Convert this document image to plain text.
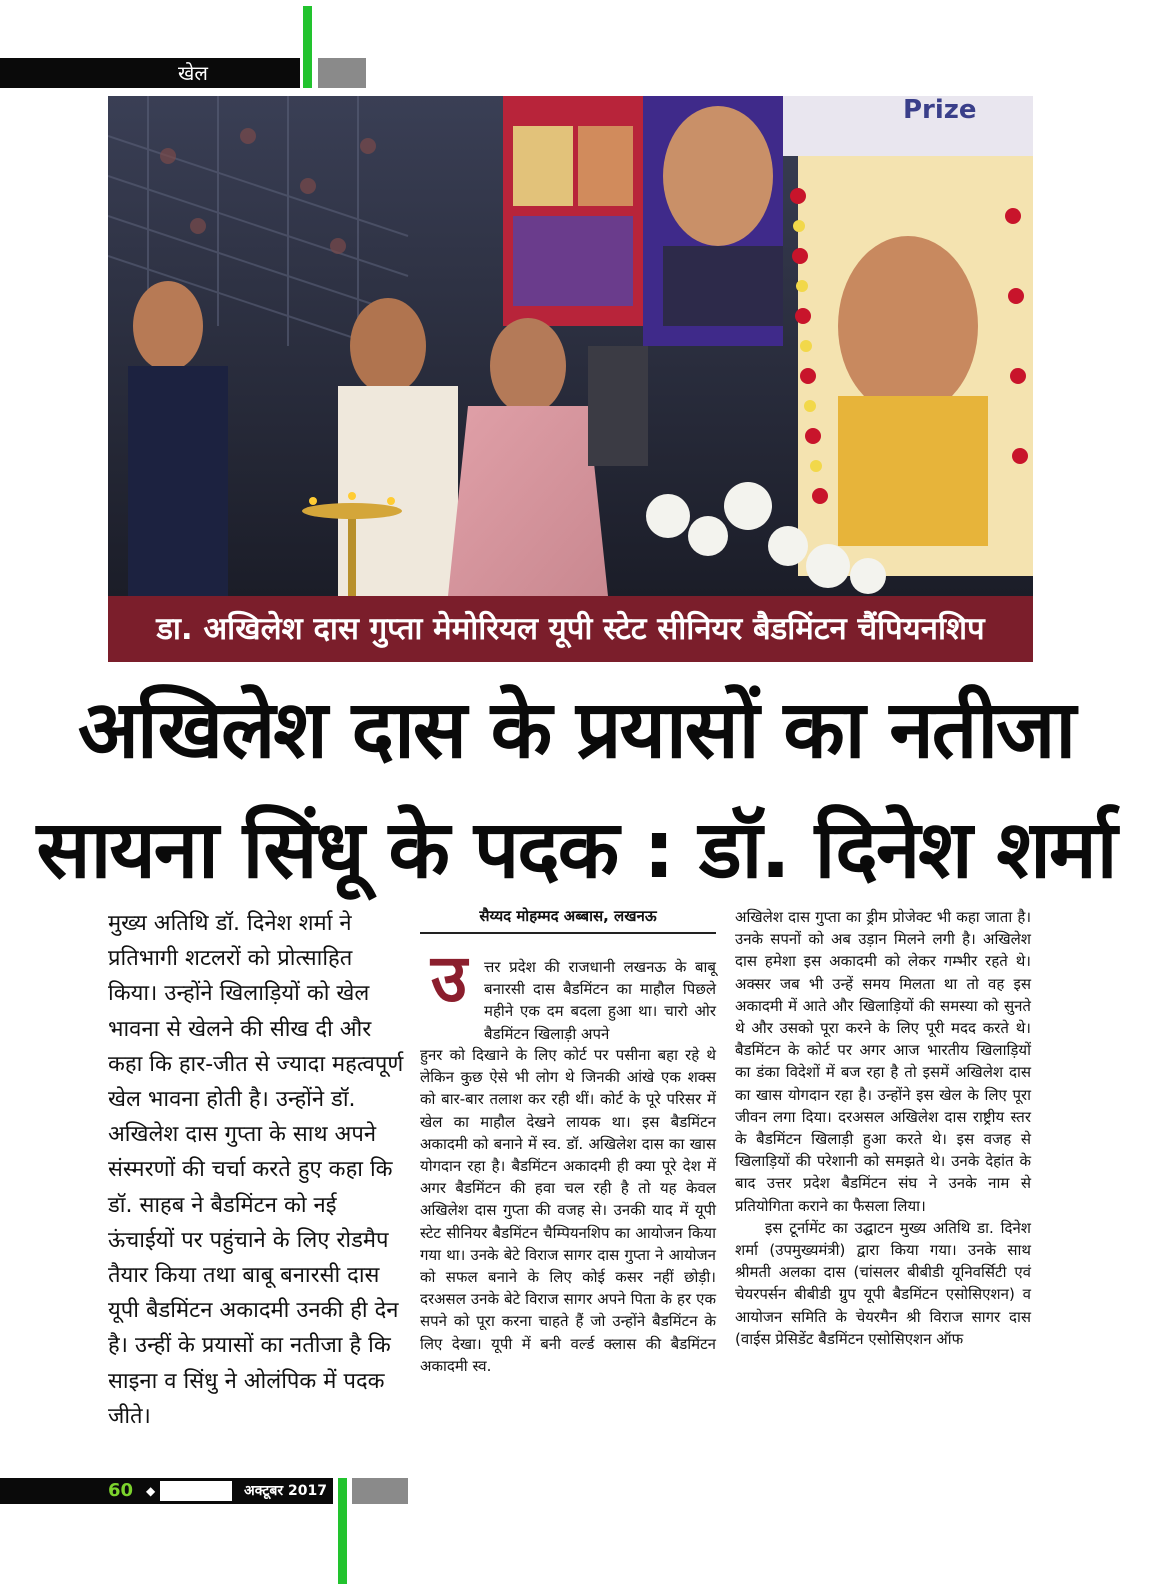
खेल
Prize
डा. अखिलेश दास गुप्ता मेमोरियल यूपी स्टेट सीनियर बैडमिंटन चैंपियनशिप
अखिलेश दास के प्रयासों का नतीजा
सायना सिंधू के पदक : डॉ. दिनेश शर्मा
मुख्य अतिथि डॉ. दिनेश शर्मा ने प्रतिभागी शटलरों को प्रोत्साहित किया। उन्होंने खिलाड़ियों को खेल भावना से खेलने की सीख दी और कहा कि हार-जीत से ज्यादा महत्वपूर्ण खेल भावना होती है। उन्होंने डॉ. अखिलेश दास गुप्ता के साथ अपने संस्मरणों की चर्चा करते हुए कहा कि डॉ. साहब ने बैडमिंटन को नई ऊंचाईयों पर पहुंचाने के लिए रोडमैप तैयार किया तथा बाबू बनारसी दास यूपी बैडमिंटन अकादमी उनकी ही देन है। उन्हीं के प्रयासों का नतीजा है कि साइना व सिंधु ने ओलंपिक में पदक जीते।
सैय्यद मोहम्मद अब्बास, लखनऊ
उ	त्तर प्रदेश की राजधानी लखनऊ के बाबू बनारसी दास बैडमिंटन का माहौल पिछले महीने एक दम बदला हुआ था। चारो ओर बैडमिंटन खिलाड़ी अपने
हुनर को दिखाने के लिए कोर्ट पर पसीना बहा रहे थे लेकिन कुछ ऐसे भी लोग थे जिनकी आंखे एक शक्स को बार-बार तलाश कर रही थीं। कोर्ट के पूरे परिसर में खेल का माहौल देखने लायक था। इस बैडमिंटन अकादमी को बनाने में स्व. डॉ. अखिलेश दास का खास योगदान रहा है। बैडमिंटन अकादमी ही क्या पूरे देश में अगर बैडमिंटन की हवा चल रही है तो यह केवल अखिलेश दास गुप्ता की वजह से। उनकी याद में यूपी स्टेट सीनियर बैडमिंटन चैम्पियनशिप का आयोजन किया गया था। उनके बेटे विराज सागर दास गुप्ता ने आयोजन को सफल बनाने के लिए कोई कसर नहीं छोड़ी। दरअसल उनके बेटे विराज सागर अपने पिता के हर एक सपने को पूरा करना चाहते हैं जो उन्होंने बैडमिंटन के लिए देखा। यूपी में बनी वर्ल्ड क्लास की बैडमिंटन अकादमी स्व.

अखिलेश दास गुप्ता का ड्रीम प्रोजेक्ट भी कहा जाता है। उनके सपनों को अब उड़ान मिलने लगी है। अखिलेश दास हमेशा इस अकादमी को लेकर गम्भीर रहते थे। अक्सर जब भी उन्हें समय मिलता था तो वह इस अकादमी में आते और खिलाड़ियों की समस्या को सुनते थे और उसको पूरा करने के लिए पूरी मदद करते थे। बैडमिंटन के कोर्ट पर अगर आज भारतीय खिलाड़ियों का डंका विदेशों में बज रहा है तो इसमें अखिलेश दास का खास योगदान रहा है। उन्होंने इस खेल के लिए पूरा जीवन लगा दिया। दरअसल अखिलेश दास राष्ट्रीय स्तर के बैडमिंटन खिलाड़ी हुआ करते थे। इस वजह से खिलाड़ियों की परेशानी को समझते थे। उनके देहांत के बाद उत्तर प्रदेश बैडमिंटन संघ ने उनके नाम से प्रतियोगिता कराने का फैसला लिया।

इस टूर्नामेंट का उद्घाटन मुख्य अतिथि डा. दिनेश शर्मा (उपमुख्यमंत्री) द्वारा किया गया। उनके साथ श्रीमती अलका दास (चांसलर बीबीडी यूनिवर्सिटी एवं चेयरपर्सन बीबीडी ग्रुप यूपी बैडमिंटन एसोसिएशन) व आयोजन समिति के चेयरमैन श्री विराज सागर दास (वाईस प्रेसिडेंट बैडमिंटन एसोसिएशन ऑफ

60 ◆	अक्टूबर 2017
